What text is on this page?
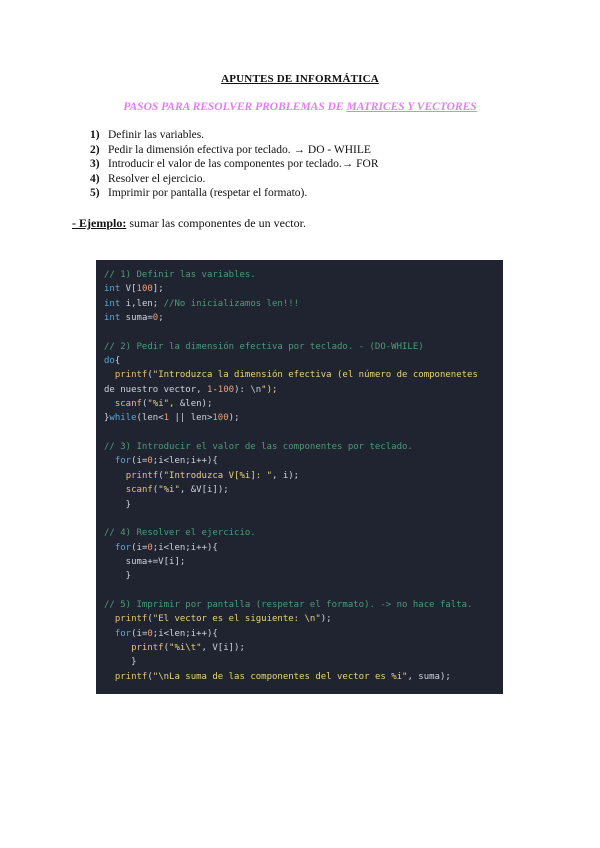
APUNTES DE INFORMÁTICA
PASOS PARA RESOLVER PROBLEMAS DE MATRICES Y VECTORES
1) Definir las variables.
2) Pedir la dimensión efectiva por teclado. → DO - WHILE
3) Introducir el valor de las componentes por teclado.→ FOR
4) Resolver el ejercicio.
5) Imprimir por pantalla (respetar el formato).
- Ejemplo: sumar las componentes de un vector.
// 1) Definir las variables.
int V[100];
int i,len; //No inicializamos len!!!
int suma=0;
// 2) Pedir la dimensión efectiva por teclado. - (DO-WHILE)
do{
printf("Introduzca la dimensión efectiva (el número de componenetes
de nuestro vector, 1-100): \n");
scanf("%i", &len);
}while(len<1 || len>100);
// 3) Introducir el valor de las componentes por teclado.
for(i=0;i<len;i++){
printf("Introduzca V[%i]: ", i);
scanf("%i", &V[i]);
}
// 4) Resolver el ejercicio.
for(i=0;i<len;i++){
suma+=V[i];
}
// 5) Imprimir por pantalla (respetar el formato). -> no hace falta.
printf("El vector es el siguiente: \n");
for(i=0;i<len;i++){
printf("%i\t", V[i]);
}
printf("\nLa suma de las componentes del vector es %i", suma);
